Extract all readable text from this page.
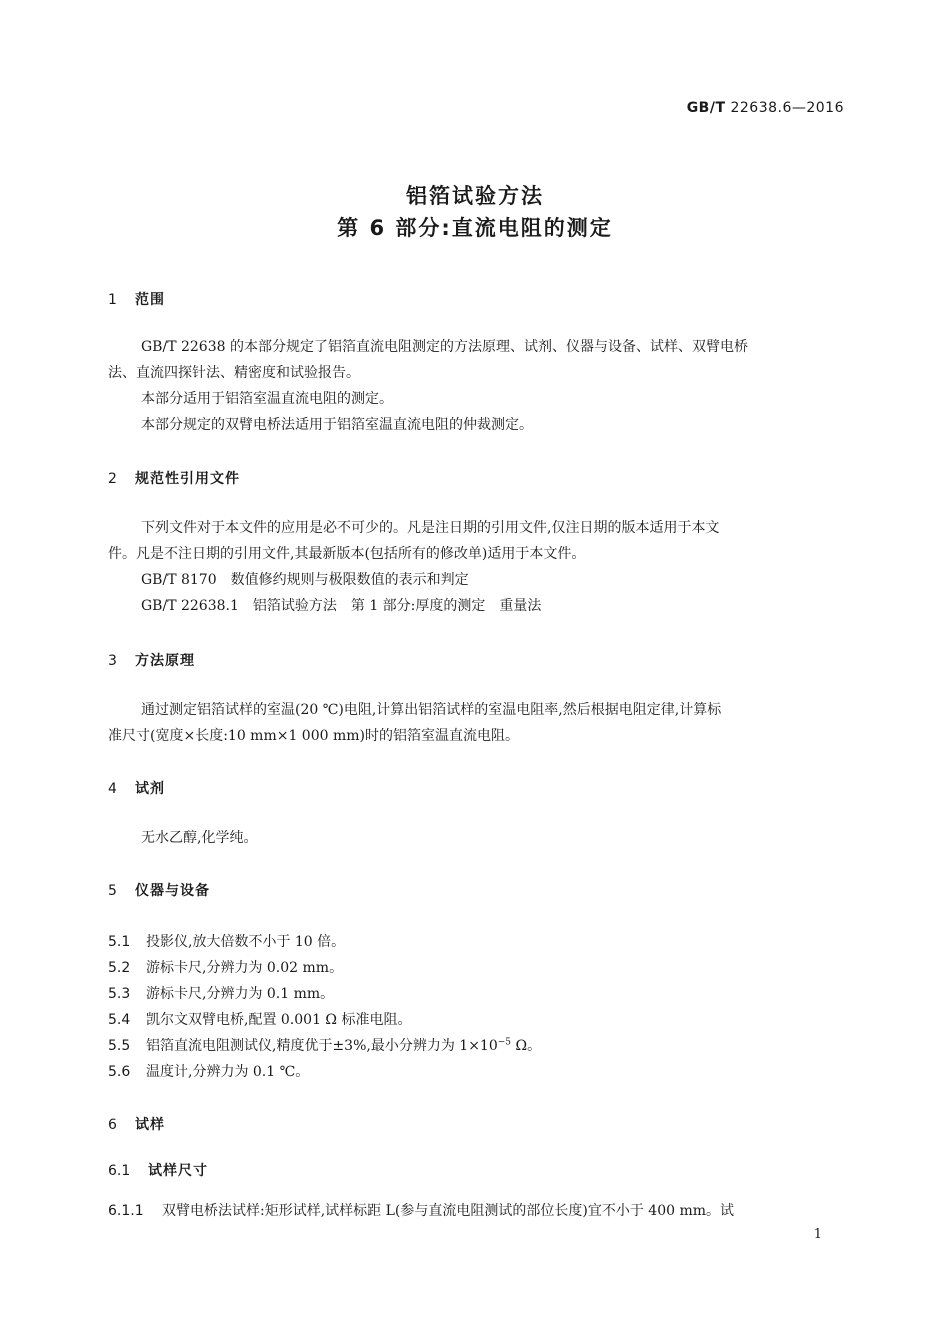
GB/T 22638.6—2016
铝箔试验方法
第 6 部分:直流电阻的测定
1 范围
GB/T 22638 的本部分规定了铝箔直流电阻测定的方法原理、试剂、仪器与设备、试样、双臂电桥
法、直流四探针法、精密度和试验报告。
本部分适用于铝箔室温直流电阻的测定。
本部分规定的双臂电桥法适用于铝箔室温直流电阻的仲裁测定。
2 规范性引用文件
下列文件对于本文件的应用是必不可少的。凡是注日期的引用文件,仅注日期的版本适用于本文
件。凡是不注日期的引用文件,其最新版本(包括所有的修改单)适用于本文件。
GB/T 8170　数值修约规则与极限数值的表示和判定
GB/T 22638.1　铝箔试验方法　第 1 部分:厚度的测定　重量法
3 方法原理
通过测定铝箔试样的室温(20 ℃)电阻,计算出铝箔试样的室温电阻率,然后根据电阻定律,计算标
准尺寸(宽度×长度:10 mm×1 000 mm)时的铝箔室温直流电阻。
4 试剂
无水乙醇,化学纯。
5 仪器与设备
5.1 投影仪,放大倍数不小于 10 倍。
5.2 游标卡尺,分辨力为 0.02 mm。
5.3 游标卡尺,分辨力为 0.1 mm。
5.4 凯尔文双臂电桥,配置 0.001 Ω 标准电阻。
5.5 铝箔直流电阻测试仪,精度优于±3%,最小分辨力为 $1\times 10^{-5}$ Ω。
5.6 温度计,分辨力为 0.1 ℃。
6 试样
6.1 试样尺寸
6.1.1 双臂电桥法试样:矩形试样,试样标距 L(参与直流电阻测试的部位长度)宜不小于 400 mm。试
1
